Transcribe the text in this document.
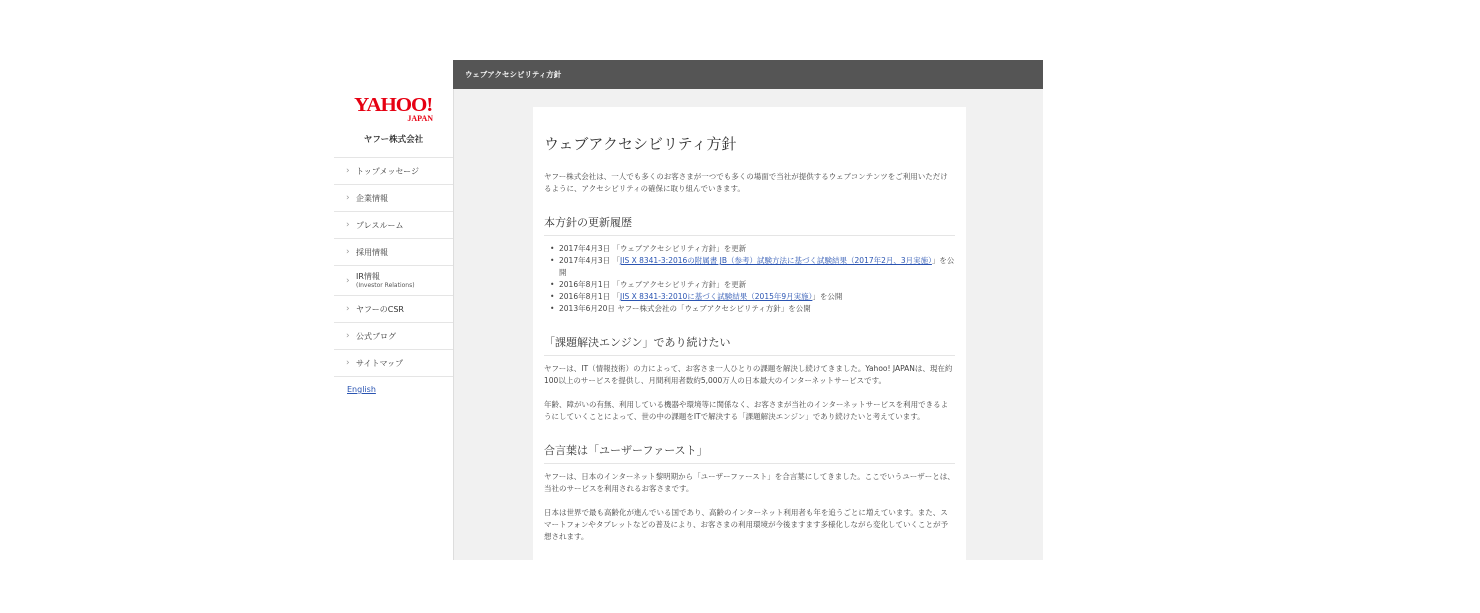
YAHOO!
JAPAN
ヤフー株式会社
› トップメッセージ
› 企業情報
› プレスルーム
› 採用情報
› IR情報
(Investor Relations)
› ヤフーのCSR
› 公式ブログ
› サイトマップ
English
ウェブアクセシビリティ方針
ウェブアクセシビリティ方針

ヤフー株式会社は、一人でも多くのお客さまが一つでも多くの場面で当社が提供するウェブコンテンツをご利用いただけるように、アクセシビリティの確保に取り組んでいきます。

本方針の更新履歴
• 2017年4月3日 「ウェブアクセシビリティ方針」を更新
• 2017年4月3日 「JIS X 8341-3:2016の附属書 JB（参考）試験方法に基づく試験結果（2017年2月、3月実施）」を公開
• 2016年8月1日 「ウェブアクセシビリティ方針」を更新
• 2016年8月1日 「JIS X 8341-3:2010に基づく試験結果（2015年9月実施）」を公開
• 2013年6月20日 ヤフー株式会社の「ウェブアクセシビリティ方針」を公開
「課題解決エンジン」であり続けたい

ヤフーは、IT（情報技術）の力によって、お客さま一人ひとりの課題を解決し続けてきました。Yahoo! JAPANは、現在約100以上のサービスを提供し、月間利用者数約5,000万人の日本最大のインターネットサービスです。

年齢、障がいの有無、利用している機器や環境等に関係なく、お客さまが当社のインターネットサービスを利用できるようにしていくことによって、世の中の課題をITで解決する「課題解決エンジン」であり続けたいと考えています。

合言葉は「ユーザーファースト」

ヤフーは、日本のインターネット黎明期から「ユーザーファースト」を合言葉にしてきました。ここでいうユーザーとは、当社のサービスを利用されるお客さまです。

日本は世界で最も高齢化が進んでいる国であり、高齢のインターネット利用者も年を追うごとに増えています。また、スマートフォンやタブレットなどの普及により、お客さまの利用環境が今後ますます多様化しながら変化していくことが予想されます。
